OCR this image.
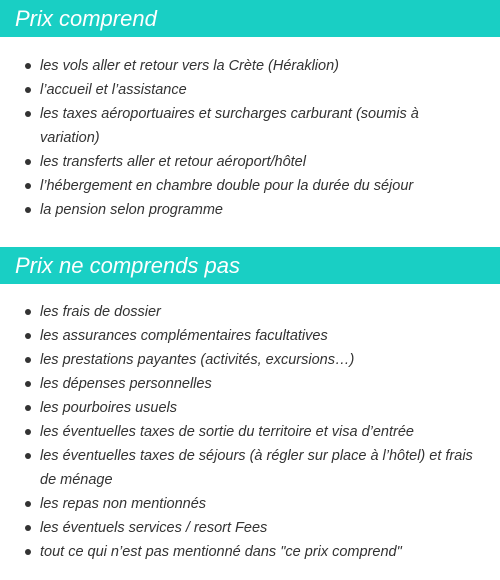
Prix comprend
les vols aller et retour vers la Crète (Héraklion)
l’accueil et l’assistance
les taxes aéroportuaires et surcharges carburant (soumis à variation)
les transferts aller et retour aéroport/hôtel
l’hébergement en chambre double pour la durée du séjour
la pension selon programme
Prix ne comprends pas
les frais de dossier
les assurances complémentaires facultatives
les prestations payantes (activités, excursions…)
les dépenses personnelles
les pourboires usuels
les éventuelles taxes de sortie du territoire et visa d’entrée
les éventuelles taxes de séjours (à régler sur place à l’hôtel) et frais de ménage
les repas non mentionnés
les éventuels services / resort Fees
tout ce qui n’est pas mentionné dans "ce prix comprend"
